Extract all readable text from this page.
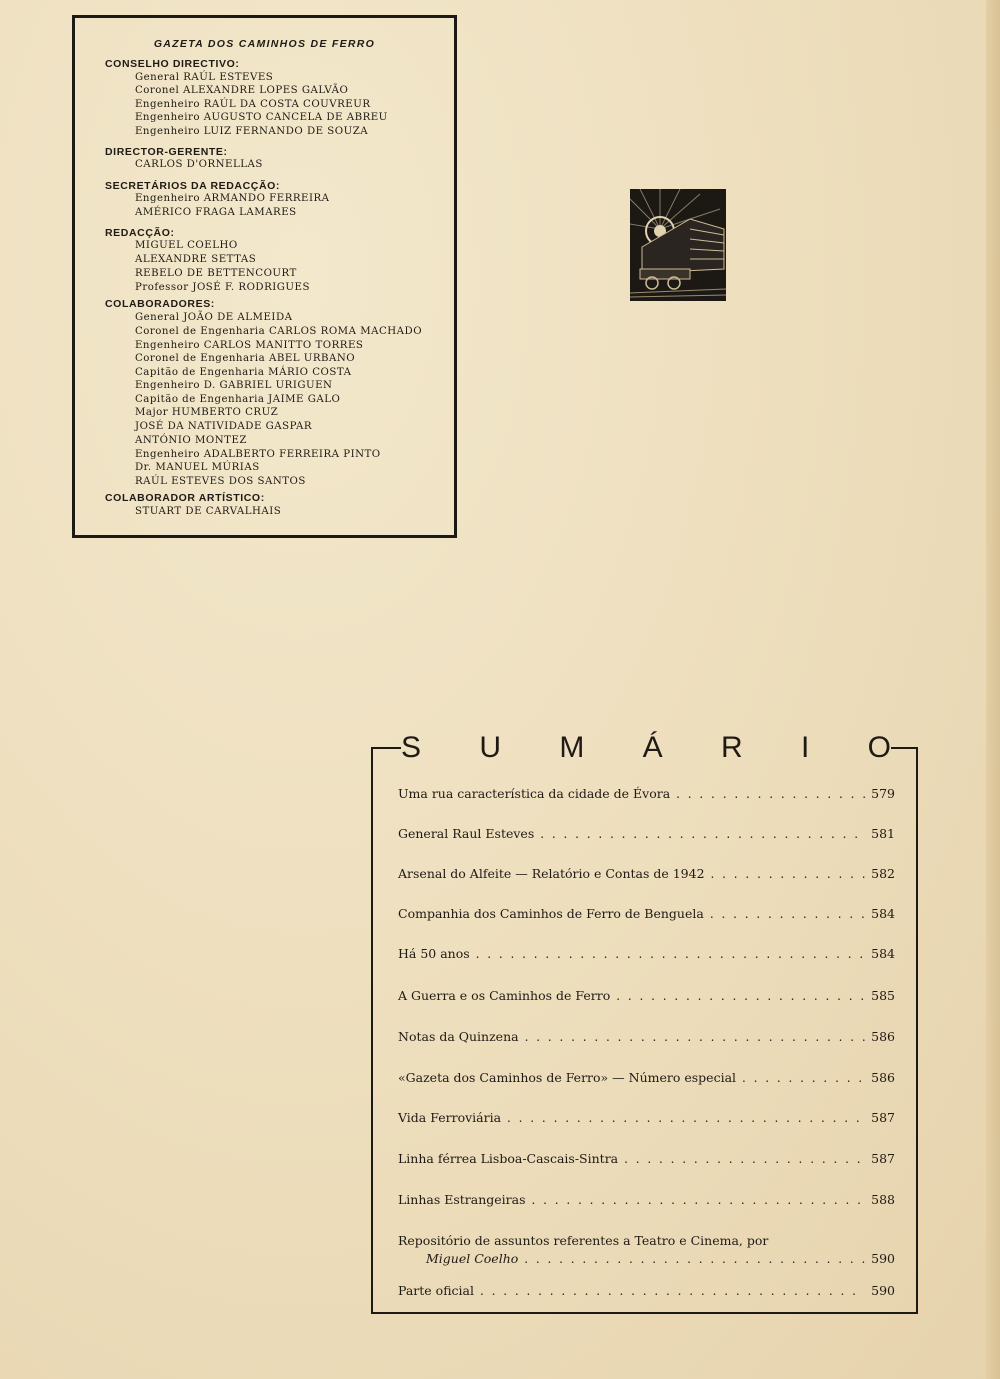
GAZETA DOS CAMINHOS DE FERRO
CONSELHO DIRECTIVO:
General RAÚL ESTEVES
Coronel ALEXANDRE LOPES GALVÃO
Engenheiro RAÚL DA COSTA COUVREUR
Engenheiro AUGUSTO CANCELA DE ABREU
Engenheiro LUIZ FERNANDO DE SOUZA
DIRECTOR-GERENTE:
CARLOS D'ORNELLAS
SECRETÁRIOS DA REDACÇÃO:
Engenheiro ARMANDO FERREIRA
AMÉRICO FRAGA LAMARES
REDACÇÃO:
MIGUEL COELHO
ALEXANDRE SETTAS
REBELO DE BETTENCOURT
Professor JOSÉ F. RODRIGUES
COLABORADORES:
General JOÃO DE ALMEIDA
Coronel de Engenharia CARLOS ROMA MACHADO
Engenheiro CARLOS MANITTO TORRES
Coronel de Engenharia ABEL URBANO
Capitão de Engenharia MÁRIO COSTA
Engenheiro D. GABRIEL URIGUEN
Capitão de Engenharia JAIME GALO
Major HUMBERTO CRUZ
JOSÉ DA NATIVIDADE GASPAR
ANTÓNIO MONTEZ
Engenheiro ADALBERTO FERREIRA PINTO
Dr. MANUEL MÚRIAS
RAÚL ESTEVES DOS SANTOS
COLABORADOR ARTÍSTICO:
STUART DE CARVALHAIS
S U M Á R I O
Uma rua característica da cidade de Évora . . .	579
General Raul Esteves . . .	581
Arsenal do Alfeite — Relatório e Contas de 1942 . . .	582
Companhia dos Caminhos de Ferro de Benguela . . .	584
Há 50 anos . . .	584
A Guerra e os Caminhos de Ferro . . .	585
Notas da Quinzena . . .	586
«Gazeta dos Caminhos de Ferro» — Número especial . . .	586
Vida Ferroviária . . .	587
Linha férrea Lisboa-Cascais-Sintra . . .	587
Linhas Estrangeiras . . .	588
Repositório de assuntos referentes a Teatro e Cinema, por
Miguel Coelho . . .	590
Parte oficial . . .	590
